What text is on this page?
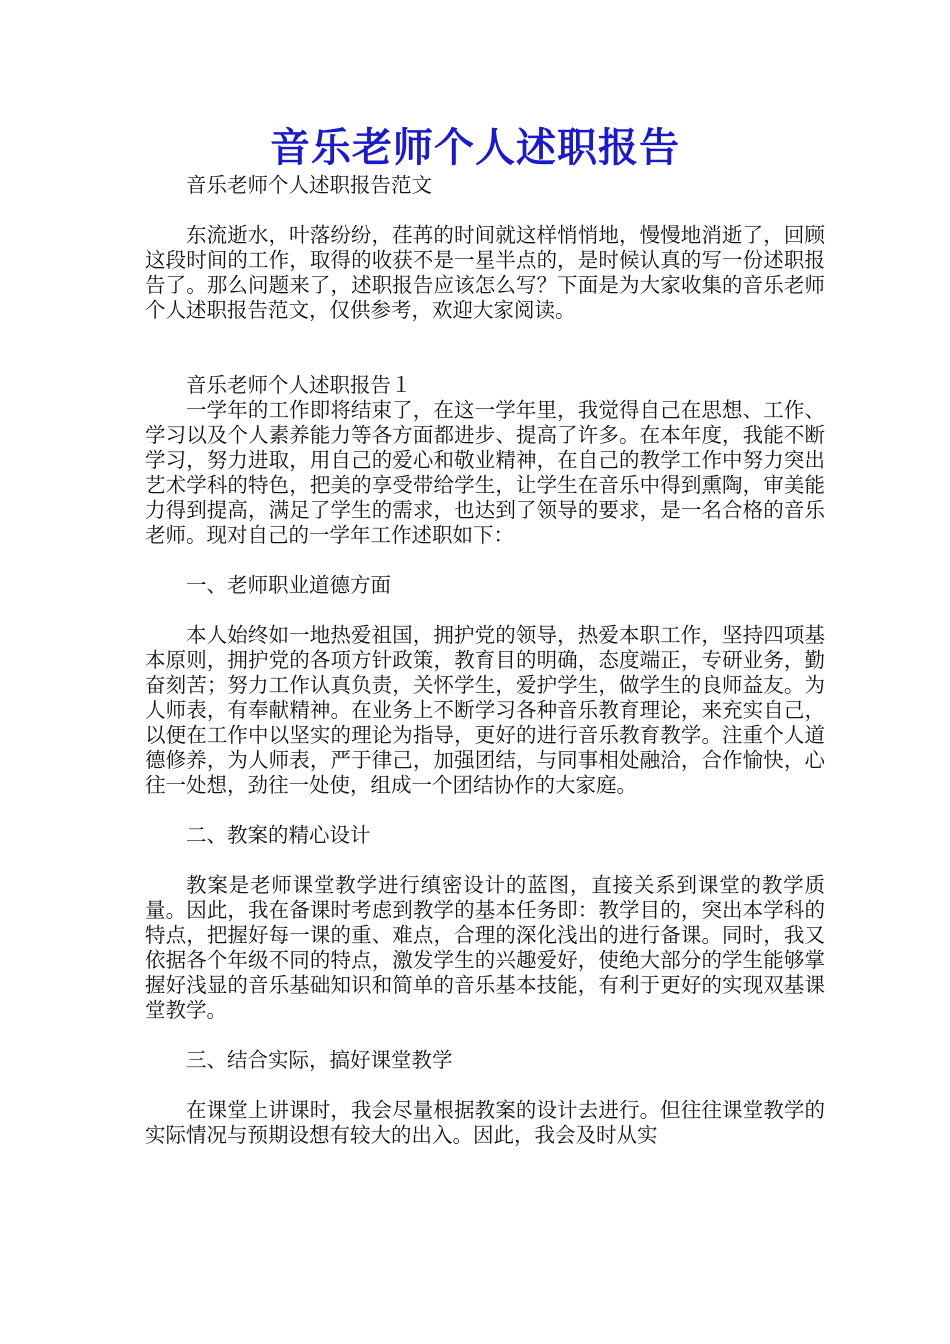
音乐老师个人述职报告

音乐老师个人述职报告范文

东流逝水，叶落纷纷，荏苒的时间就这样悄悄地，慢慢地消逝了，回顾这段时间的工作，取得的收获不是一星半点的，是时候认真的写一份述职报告了。那么问题来了，述职报告应该怎么写？下面是为大家收集的音乐老师个人述职报告范文，仅供参考，欢迎大家阅读。

音乐老师个人述职报告１

一学年的工作即将结束了，在这一学年里，我觉得自己在思想、工作、学习以及个人素养能力等各方面都进步、提高了许多。在本年度，我能不断学习，努力进取，用自己的爱心和敬业精神，在自己的教学工作中努力突出艺术学科的特色，把美的享受带给学生，让学生在音乐中得到熏陶，审美能力得到提高，满足了学生的需求，也达到了领导的要求，是一名合格的音乐老师。现对自己的一学年工作述职如下：

一、老师职业道德方面

本人始终如一地热爱祖国，拥护党的领导，热爱本职工作，坚持四项基本原则，拥护党的各项方针政策，教育目的明确，态度端正，专研业务，勤奋刻苦；努力工作认真负责，关怀学生，爱护学生，做学生的良师益友。为人师表，有奉献精神。在业务上不断学习各种音乐教育理论，来充实自己，以便在工作中以坚实的理论为指导，更好的进行音乐教育教学。注重个人道德修养，为人师表，严于律己，加强团结，与同事相处融洽，合作愉快，心往一处想，劲往一处使，组成一个团结协作的大家庭。

二、教案的精心设计

教案是老师课堂教学进行缜密设计的蓝图，直接关系到课堂的教学质量。因此，我在备课时考虑到教学的基本任务即：教学目的，突出本学科的特点，把握好每一课的重、难点，合理的深化浅出的进行备课。同时，我又依据各个年级不同的特点，激发学生的兴趣爱好，使绝大部分的学生能够掌握好浅显的音乐基础知识和简单的音乐基本技能，有利于更好的实现双基课堂教学。

三、结合实际，搞好课堂教学

在课堂上讲课时，我会尽量根据教案的设计去进行。但往往课堂教学的实际情况与预期设想有较大的出入。因此，我会及时从实
